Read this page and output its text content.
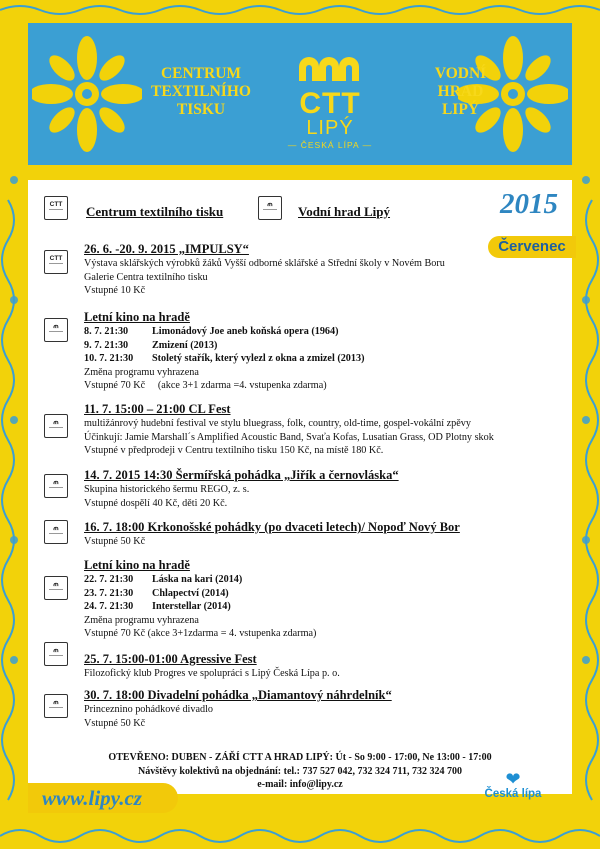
CENTRUM
TEXTILNÍHO
TISKU	CTT
LIPÝ
— ČESKÁ LÍPA —
VODNÍ
HRAD
LIPÝ
CTT Centrum textilního tisku	ጠ Vodní hrad Lipý	2015
Červenec
CTT
26. 6. -20. 9. 2015 „IMPULSY“
Výstava sklářských výrobků žáků Vyšší odborné sklářské a Střední školy v Novém Boru
Galerie Centra textilního tisku
Vstupné 10 Kč
ጠ
Letní kino na hradě
8. 7. 21:30 Limonádový Joe aneb koňská opera (1964)
9. 7. 21:30 Zmizení (2013)
10. 7. 21:30 Stoletý stařík, který vylezl z okna a zmizel (2013)
Změna programu vyhrazena
Vstupné 70 Kč     (akce 3+1 zdarma =4. vstupenka zdarma)
ጠ
11. 7. 15:00 – 21:00 CL Fest
multižánrový hudební festival ve stylu bluegrass, folk, country, old-time, gospel-vokální zpěvy
Účinkují: Jamie Marshall´s Amplified Acoustic Band, Svaťa Kofas, Lusatian Grass, OD Plotny skok
Vstupné v předprodeji v Centru textilního tisku 150 Kč, na místě 180 Kč.
ጠ 14. 7. 2015 14:30 Šermířská pohádka „Jiřík a černovláska“
Skupina historického šermu REGO, z. s.
Vstupné dospělí 40 Kč, děti 20 Kč.
ጠ 16. 7. 18:00 Krkonošské pohádky (po dvaceti letech)/ Nopoď Nový Bor
Vstupné 50 Kč
ጠ
Letní kino na hradě
22. 7. 21:30 Láska na kari (2014)
23. 7. 21:30 Chlapectví (2014)
24. 7. 21:30 Interstellar (2014)
Změna programu vyhrazena
Vstupné 70 Kč (akce 3+1zdarma = 4. vstupenka zdarma)
ጠ
25. 7. 15:00-01:00 Agressive Fest
Filozofický klub Progres ve spolupráci s Lipý Česká Lípa p. o.
ጠ 30. 7. 18:00 Divadelní pohádka „Diamantový náhrdelník“
Princeznino pohádkové divadlo
Vstupné 50 Kč
OTEVŘENO: DUBEN - ZÁŘÍ CTT A HRAD LIPÝ: Út - So 9:00 - 17:00, Ne 13:00 - 17:00
Návštěvy kolektivů na objednání: tel.: 737 527 042, 732 324 711, 732 324 700
e-mail: info@lipy.cz
www.lipy.cz
❤
Česká lípa
